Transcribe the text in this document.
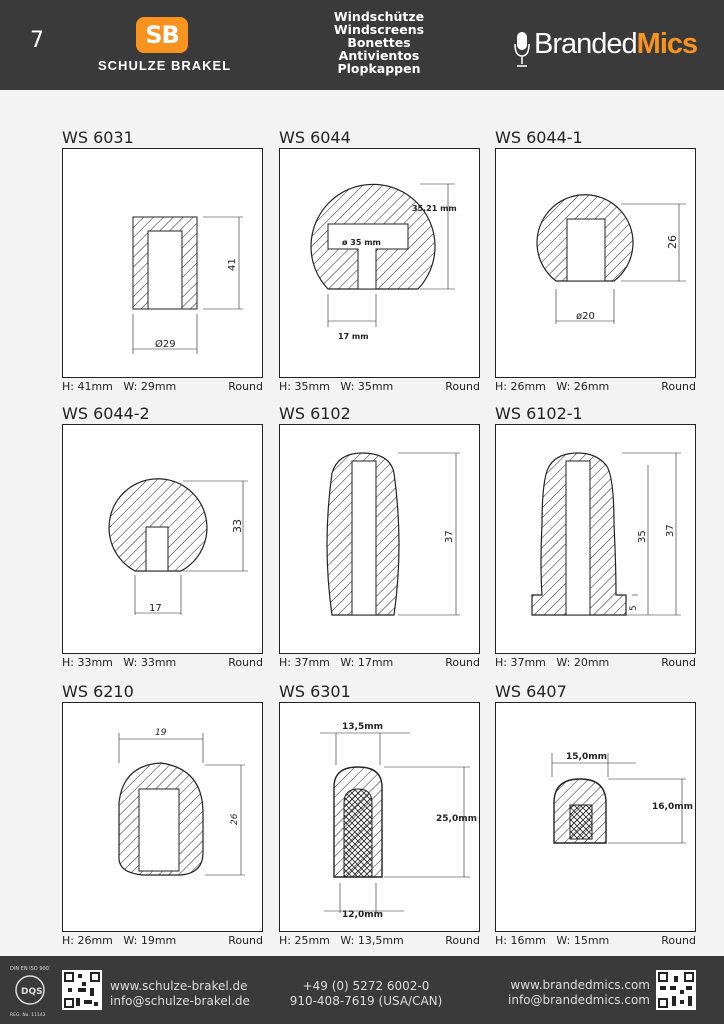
7	SB
SCHULZE BRAKEL
Windschütze
Windscreens
Bonettes
Antivientos
Plopkappen
BrandedMics
WS 6031
41
Ø29
H: 41mm W: 29mm	Round
WS 6044
35,21 mm
ø 35 mm
17 mm
H: 35mm W: 35mm	Round
WS 6044-1
26
ø20
H: 26mm W: 26mm	Round
WS 6044-2
33
17
H: 33mm W: 33mm	Round
WS 6102
37
H: 37mm W: 17mm	Round
WS 6102-1
37
35
5
H: 37mm W: 20mm	Round
WS 6210
19
26
H: 26mm W: 19mm	Round
WS 6301
13,5mm
25,0mm
12,0mm
H: 25mm W: 13,5mm	Round
WS 6407
15,0mm
16,0mm
H: 16mm W: 15mm	Round
DIN EN ISO 9001
DQS
REG. No. 11143
www.schulze-brakel.de
info@schulze-brakel.de
+49 (0) 5272 6002-0
910-408-7619 (USA/CAN)
www.brandedmics.com
info@brandedmics.com
